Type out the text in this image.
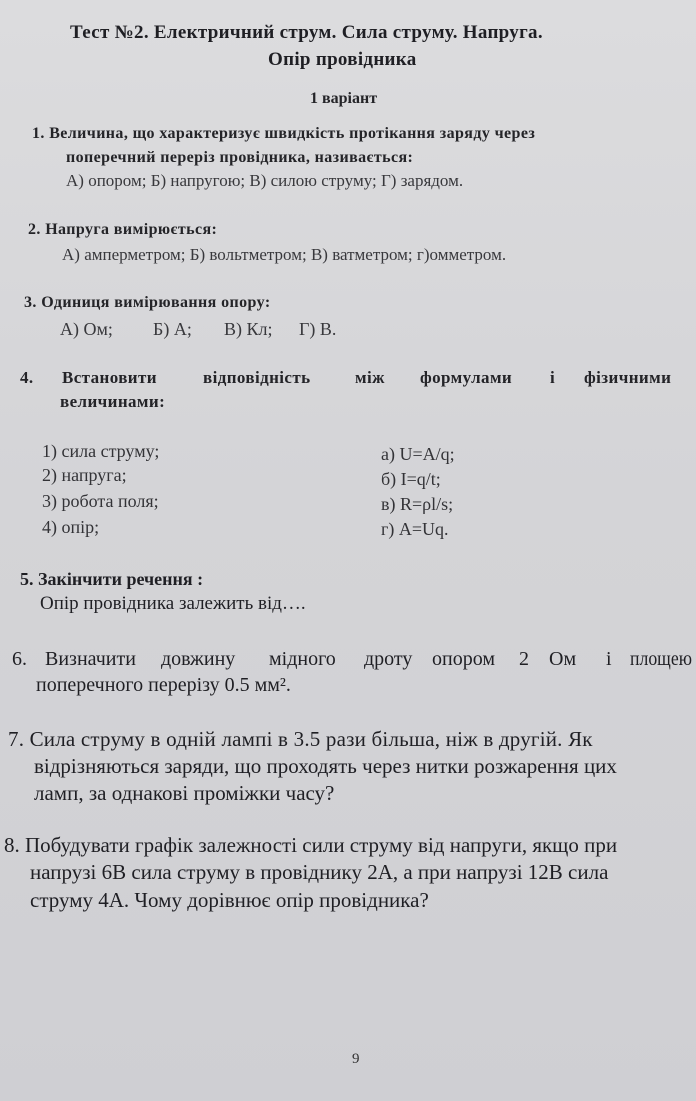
Тест №2. Електричний струм. Сила струму. Напруга.
Опір провідника
1 варіант
1. Величина, що характеризує швидкість протікання заряду через
поперечний переріз провідника, називається:
А) опором; Б) напругою; В) силою струму; Г) зарядом.
2. Напруга вимірюється:
А) амперметром; Б) вольтметром; В) ватметром; г)омметром.
3. Одиниця вимірювання опору:
А) Ом; Б) А; В) Кл; Г) В.
4. Встановити	відповідність	між формулами і фізичними
величинами:
1) сила струму;
2) напруга;
3) робота поля;
4) опір;
а) U=A/q;
б) I=q/t;
в) R=ρl/s;
г) A=Uq.
5. Закінчити речення :
Опір провідника залежить від….
6. Визначити довжину мідного дроту опором 2 Ом і площею
поперечного перерізу 0.5 мм².
7. Сила струму в одній лампі в 3.5 рази більша, ніж в другій. Як
відрізняються заряди, що проходять через нитки розжарення цих
ламп, за однакові проміжки часу?
8. Побудувати графік залежності сили струму від напруги, якщо при
напрузі 6В сила струму в провіднику 2А, а при напрузі 12В сила
струму 4А. Чому дорівнює опір провідника?
9
